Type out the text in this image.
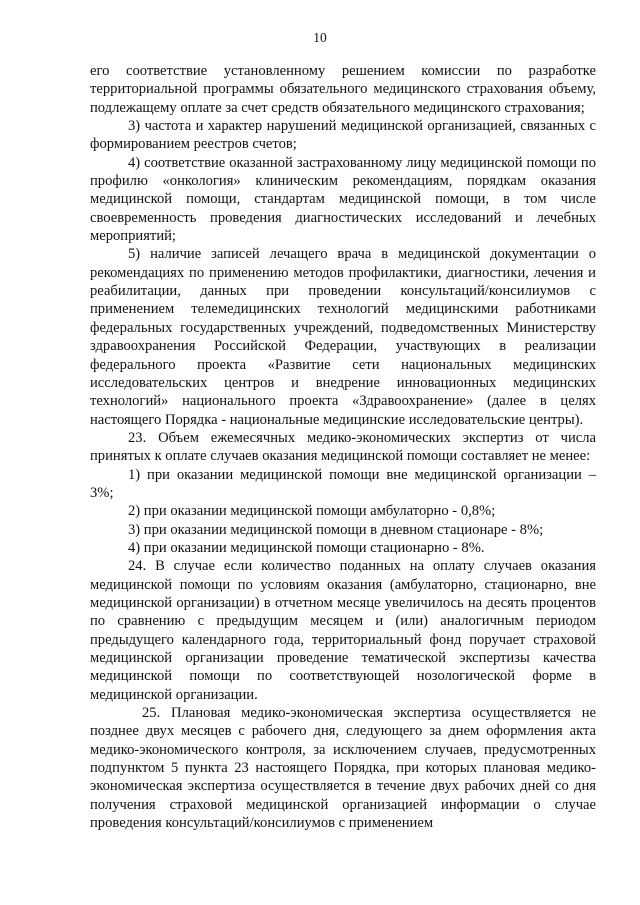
10

его соответствие установленному решением комиссии по разработке территориальной программы обязательного медицинского страхования объему, подлежащему оплате за счет средств обязательного медицинского страхования;

3) частота и характер нарушений медицинской организацией, связанных с формированием реестров счетов;

4) соответствие оказанной застрахованному лицу медицинской помощи по профилю «онкология» клиническим рекомендациям, порядкам оказания медицинской помощи, стандартам медицинской помощи, в том числе своевременность проведения диагностических исследований и лечебных мероприятий;

5) наличие записей лечащего врача в медицинской документации о рекомендациях по применению методов профилактики, диагностики, лечения и реабилитации, данных при проведении консультаций/консилиумов с применением телемедицинских технологий медицинскими работниками федеральных государственных учреждений, подведомственных Министерству здравоохранения Российской Федерации, участвующих в реализации федерального проекта «Развитие сети национальных медицинских исследовательских центров и внедрение инновационных медицинских технологий» национального проекта «Здравоохранение» (далее в целях настоящего Порядка - национальные медицинские исследовательские центры).

23. Объем ежемесячных медико-экономических экспертиз от числа принятых к оплате случаев оказания медицинской помощи составляет не менее:

1) при оказании медицинской помощи вне медицинской организации – 3%;

2) при оказании медицинской помощи амбулаторно - 0,8%;

3) при оказании медицинской помощи в дневном стационаре - 8%;

4) при оказании медицинской помощи стационарно - 8%.

24. В случае если количество поданных на оплату случаев оказания медицинской помощи по условиям оказания (амбулаторно, стационарно, вне медицинской организации) в отчетном месяце увеличилось на десять процентов по сравнению с предыдущим месяцем и (или) аналогичным периодом предыдущего календарного года, территориальный фонд поручает страховой медицинской организации проведение тематической экспертизы качества медицинской помощи по соответствующей нозологической форме в медицинской организации.

25. Плановая медико-экономическая экспертиза осуществляется не позднее двух месяцев с рабочего дня, следующего за днем оформления акта медико-экономического контроля, за исключением случаев, предусмотренных подпунктом 5 пункта 23 настоящего Порядка, при которых плановая медико-экономическая экспертиза осуществляется в течение двух рабочих дней со дня получения страховой медицинской организацией информации о случае проведения консультаций/консилиумов с применением
